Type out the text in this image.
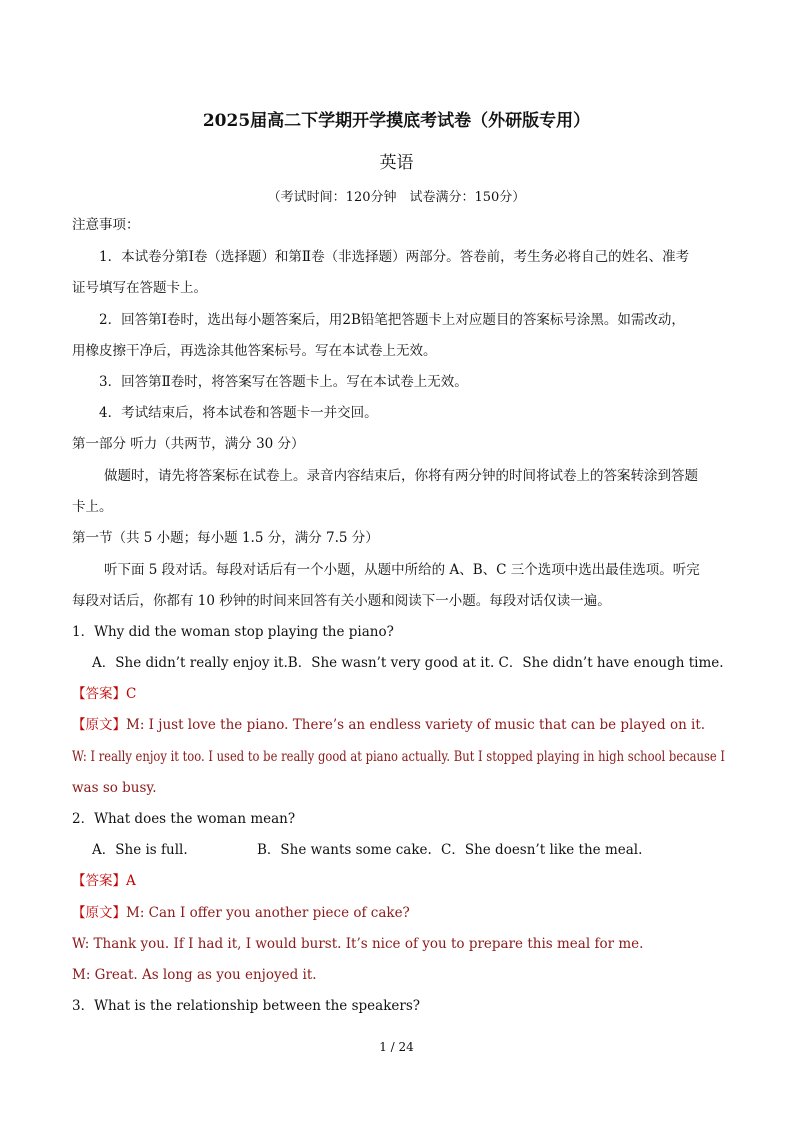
2025届高二下学期开学摸底考试卷（外研版专用）
英语
（考试时间：120分钟　试卷满分：150分）
注意事项：
1．本试卷分第Ⅰ卷（选择题）和第Ⅱ卷（非选择题）两部分。答卷前，考生务必将自己的姓名、准考
证号填写在答题卡上。
2．回答第Ⅰ卷时，选出每小题答案后，用2B铅笔把答题卡上对应题目的答案标号涂黑。如需改动，
用橡皮擦干净后，再选涂其他答案标号。写在本试卷上无效。
3．回答第Ⅱ卷时，将答案写在答题卡上。写在本试卷上无效。
4．考试结束后，将本试卷和答题卡一并交回。
第一部分 听力（共两节，满分 30 分）
做题时，请先将答案标在试卷上。录音内容结束后，你将有两分钟的时间将试卷上的答案转涂到答题
卡上。
第一节（共 5 小题；每小题 1.5 分，满分 7.5 分）
听下面 5 段对话。每段对话后有一个小题，从题中所给的 A、B、C 三个选项中选出最佳选项。听完
每段对话后，你都有 10 秒钟的时间来回答有关小题和阅读下一小题。每段对话仅读一遍。
1．Why did the woman stop playing the piano?
A．She didn’t really enjoy it.B．She wasn’t very good at it. C．She didn’t have enough time.
【答案】C
【原文】M: I just love the piano. There’s an endless variety of music that can be played on it.
W: I really enjoy it too. I used to be really good at piano actually. But I stopped playing in high school because I
was so busy.
2．What does the woman mean?
A．She is full.	B．She wants some cake. C．She doesn’t like the meal.
【答案】A
【原文】M: Can I offer you another piece of cake?
W: Thank you. If I had it, I would burst. It’s nice of you to prepare this meal for me.
M: Great. As long as you enjoyed it.
3．What is the relationship between the speakers?
1 / 24
